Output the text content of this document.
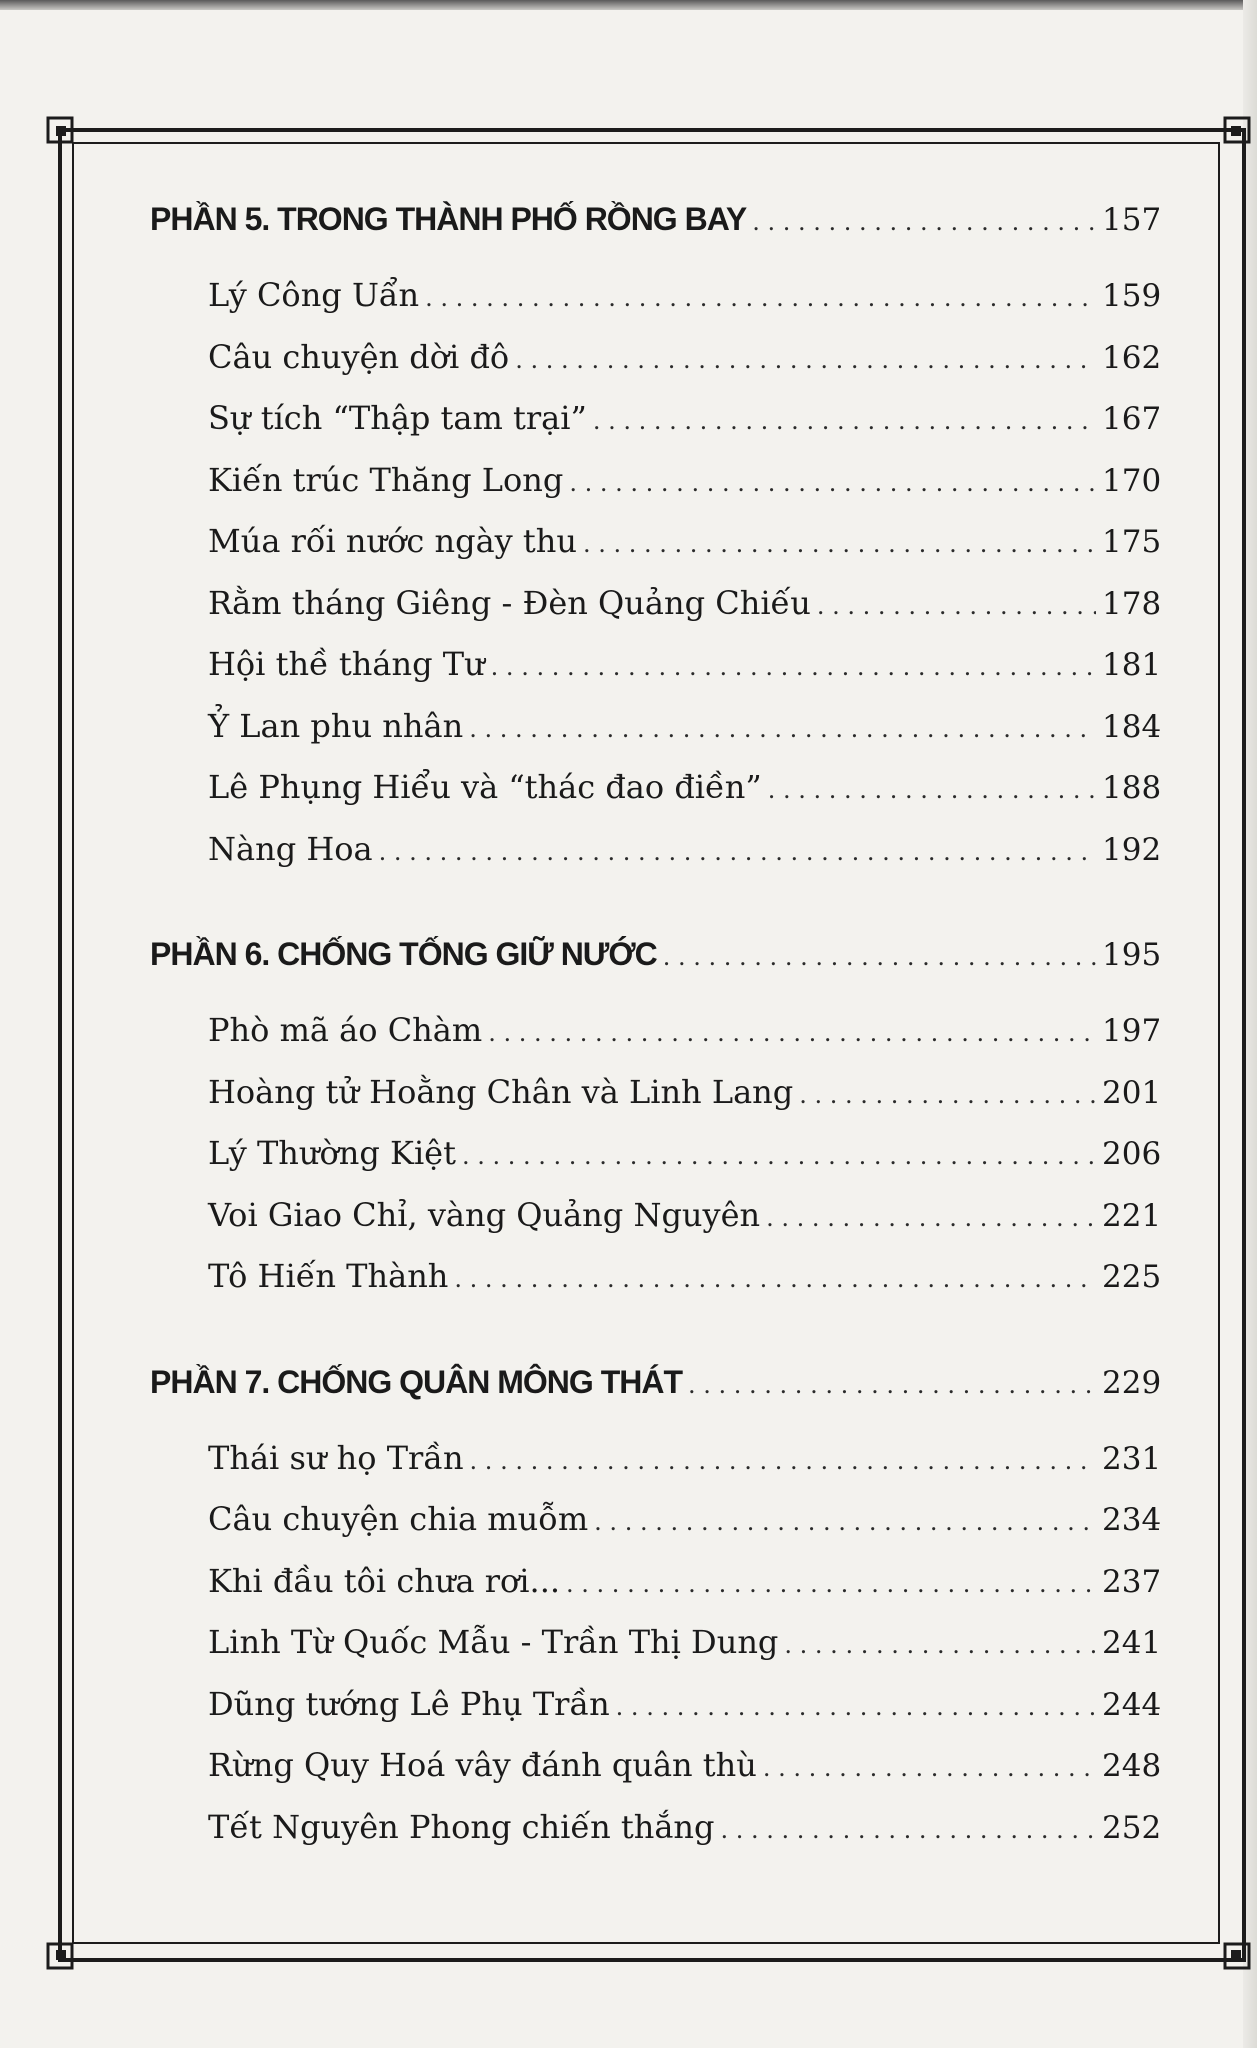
PHẦN 5. TRONG THÀNH PHỐ RỒNG BAY . . .	157
Lý Công Uẩn . . .	159
Câu chuyện dời đô . . .	162
Sự tích “Thập tam trại” . . .	167
Kiến trúc Thăng Long . . .	170
Múa rối nước ngày thu . . .	175
Rằm tháng Giêng - Đèn Quảng Chiếu . . .	178
Hội thề tháng Tư . . .	181
Ỷ Lan phu nhân . . .	184
Lê Phụng Hiểu và “thác đao điền” . . .	188
Nàng Hoa . . .	192
PHẦN 6. CHỐNG TỐNG GIỮ NƯỚC . . .	195
Phò mã áo Chàm . . .	197
Hoàng tử Hoằng Chân và Linh Lang . . .	201
Lý Thường Kiệt . . .	206
Voi Giao Chỉ, vàng Quảng Nguyên . . .	221
Tô Hiến Thành . . .	225
PHẦN 7. CHỐNG QUÂN MÔNG THÁT . . .	229
Thái sư họ Trần . . .	231
Câu chuyện chia muỗm . . .	234
Khi đầu tôi chưa rơi... . . .	237
Linh Từ Quốc Mẫu - Trần Thị Dung . . .	241
Dũng tướng Lê Phụ Trần . . .	244
Rừng Quy Hoá vây đánh quân thù . . .	248
Tết Nguyên Phong chiến thắng . . .	252
